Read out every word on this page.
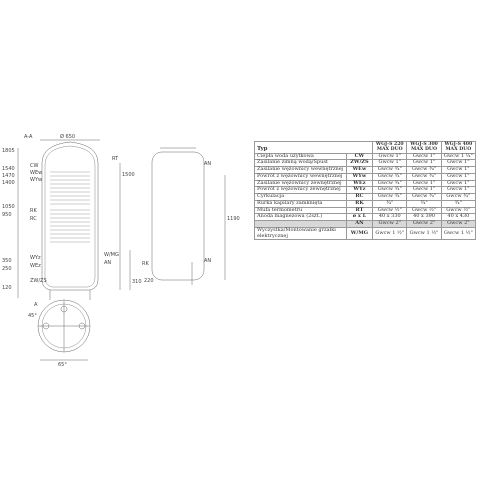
A-A	Ø 650
1805
1540
1470
1400
1050
950
350
250
120
CW
WEw
WYw
RK
RC
WYz
WEz
ZW/ZS
RT
W/MG
AN
1500
310
AN
1190
RK	AN
220
A
45°
65°
Typ		WGJ-S 220 MAX DUO	WGJ-S 300 MAX DUO	WGJ-S 400 MAX DUO
Ciepła woda użytkowa	CW	Gwcw 1"	Gwcw 1"	Gwcw 1 ¼"
Zasilanie zimną wodą/Spust	ZW/ZS	Gwcw 1"	Gwcw 1"	Gwcw 1"
Zasilanie wężownicy wewnętrznej	WEw	Gwcw ¾"	Gwcw ¾"	Gwcw 1"
Powrót z wężownicy wewnętrznej	WYw	Gwcw ¾"	Gwcw ¾"	Gwcw 1"
Zasilanie wężownicy zewnętrznej	WEz	Gwcw ¾"	Gwcw 1"	Gwcw 1"
Powrót z wężownicy zewnętrznej	WYz	Gwcw ¾"	Gwcw 1"	Gwcw 1"
Cyrkulacja	RC	Gwcw ¾"	Gwcw ¾"	Gwcw ¾"
Rurka kapilary zamknięta	RK	¾"	¾"	¾"
Mufa termometru	RT	Gwcw ½"	Gwcw ½"	Gwcw ½"
Anoda magnezowa (2szt.)	ø x L	40 x 330	40 x 390	40 x 430
	AN	Gwcw 2"	Gwcw 2"	Gwcw 2"
Wyczystka/Montowanie grzałki elektrycznej	W/MG	Gwcw 1 ½"	Gwcw 1 ½"	Gwcw 1 ½"
